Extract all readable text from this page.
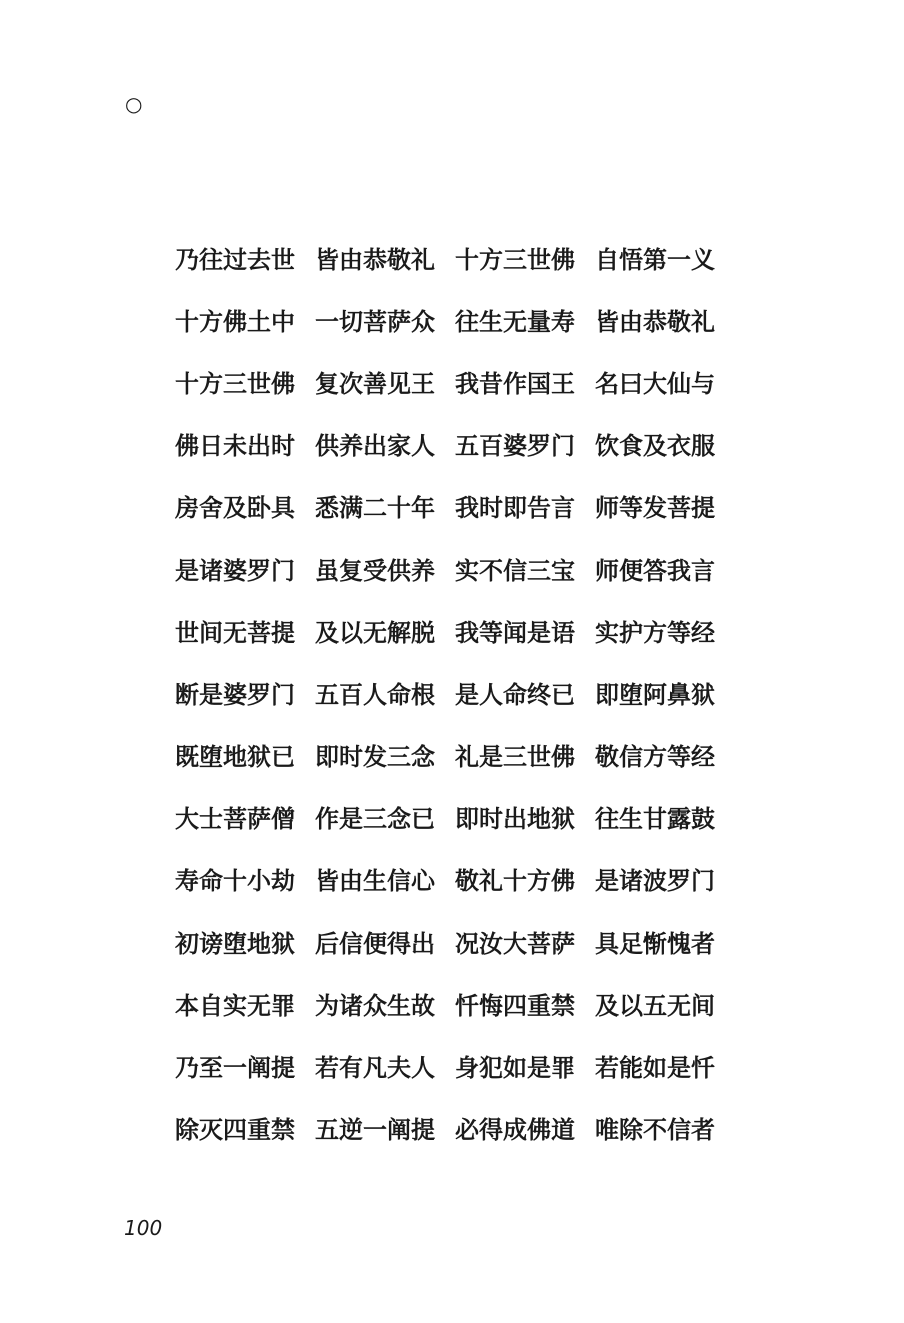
○
乃往过去世 皆由恭敬礼 十方三世佛 自悟第一义
十方佛土中 一切菩萨众 往生无量寿 皆由恭敬礼
十方三世佛 复次善见王 我昔作国王 名曰大仙与
佛日未出时 供养出家人 五百婆罗门 饮食及衣服
房舍及卧具 悉满二十年 我时即告言 师等发菩提
是诸婆罗门 虽复受供养 实不信三宝 师便答我言
世间无菩提 及以无解脱 我等闻是语 实护方等经
断是婆罗门 五百人命根 是人命终已 即堕阿鼻狱
既堕地狱已 即时发三念 礼是三世佛 敬信方等经
大士菩萨僧 作是三念已 即时出地狱 往生甘露鼓
寿命十小劫 皆由生信心 敬礼十方佛 是诸波罗门
初谤堕地狱 后信便得出 况汝大菩萨 具足惭愧者
本自实无罪 为诸众生故 忏悔四重禁 及以五无间
乃至一阐提 若有凡夫人 身犯如是罪 若能如是忏
除灭四重禁 五逆一阐提 必得成佛道 唯除不信者
100
